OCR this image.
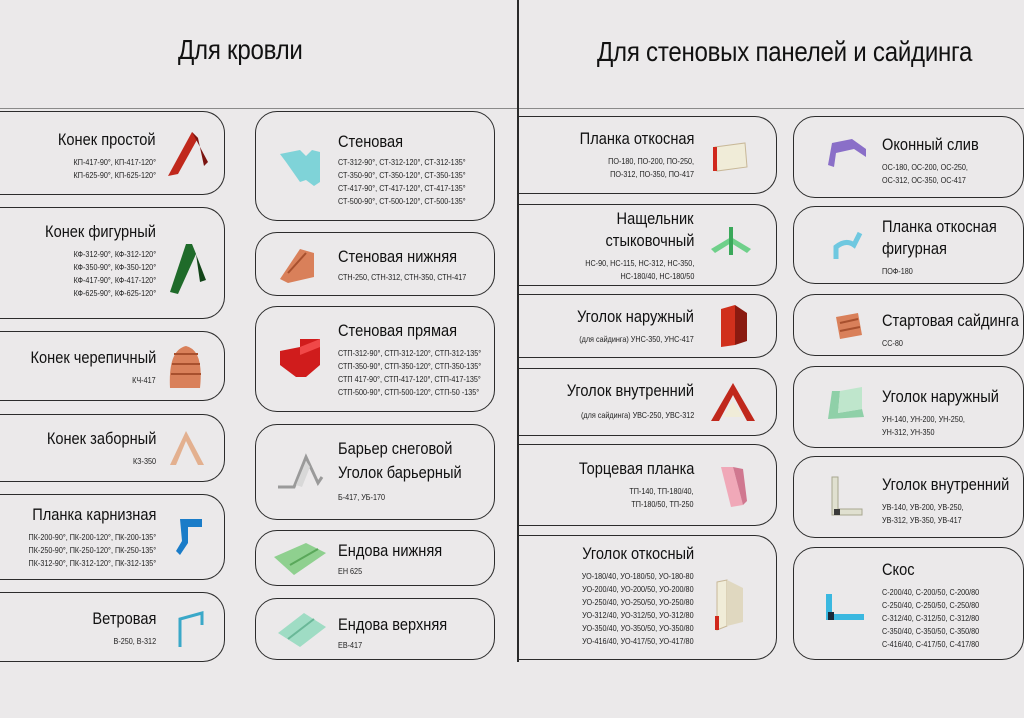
Для кровли	Для стеновых панелей и сайдинга
Конек простой
КП-417-90°, КП-417-120°
КП-625-90°, КП-625-120°
Конек фигурный
КФ-312-90°, КФ-312-120°
КФ-350-90°, КФ-350-120°
КФ-417-90°, КФ-417-120°
КФ-625-90°, КФ-625-120°
Конек черепичный
КЧ-417
Конек заборный
КЗ-350
Планка карнизная
ПК-200-90°, ПК-200-120°, ПК-200-135°
ПК-250-90°, ПК-250-120°, ПК-250-135°
ПК-312-90°, ПК-312-120°, ПК-312-135°
Ветровая
В-250, В-312
Стеновая
СТ-312-90°, СТ-312-120°, СТ-312-135°
СТ-350-90°, СТ-350-120°, СТ-350-135°
СТ-417-90°, СТ-417-120°, СТ-417-135°
СТ-500-90°, СТ-500-120°, СТ-500-135°
Стеновая нижняя
СТН-250, СТН-312, СТН-350, СТН-417
Стеновая прямая
СТП-312-90°, СТП-312-120°, СТП-312-135°
СТП-350-90°, СТП-350-120°, СТП-350-135°
СТП 417-90°, СТП-417-120°, СТП-417-135°
СТП-500-90°, СТП-500-120°, СТП-50 -135°
Барьер снеговой
Уголок барьерный
Б-417, УБ-170
Ендова нижняя
ЕН 625
Ендова верхняя
ЕВ-417
Планка откосная
ПО-180, ПО-200, ПО-250,
ПО-312, ПО-350, ПО-417
Нащельник
стыковочный
НС-90, НС-115, НС-312, НС-350,
НС-180/40, НС-180/50
Уголок наружный
(для сайдинга) УНС-350, УНС-417
Уголок внутренний
(для сайдинга) УВС-250, УВС-312
Торцевая планка
ТП-140, ТП-180/40,
ТП-180/50, ТП-250
Уголок откосный
УО-180/40, УО-180/50, УО-180-80
УО-200/40, УО-200/50, УО-200/80
УО-250/40, УО-250/50, УО-250/80
УО-312/40, УО-312/50, УО-312/80
УО-350/40, УО-350/50, УО-350/80
УО-416/40, УО-417/50, УО-417/80
Оконный слив
ОС-180, ОС-200, ОС-250,
ОС-312, ОС-350, ОС-417
Планка откосная
фигурная
ПОФ-180
Стартовая сайдинга
СС-80
Уголок наружный
УН-140, УН-200, УН-250,
УН-312, УН-350
Уголок внутренний
УВ-140, УВ-200, УВ-250,
УВ-312, УВ-350, УВ-417
Скос
С-200/40, С-200/50, С-200/80
С-250/40, С-250/50, С-250/80
С-312/40, С-312/50, С-312/80
С-350/40, С-350/50, С-350/80
С-416/40, С-417/50, С-417/80
